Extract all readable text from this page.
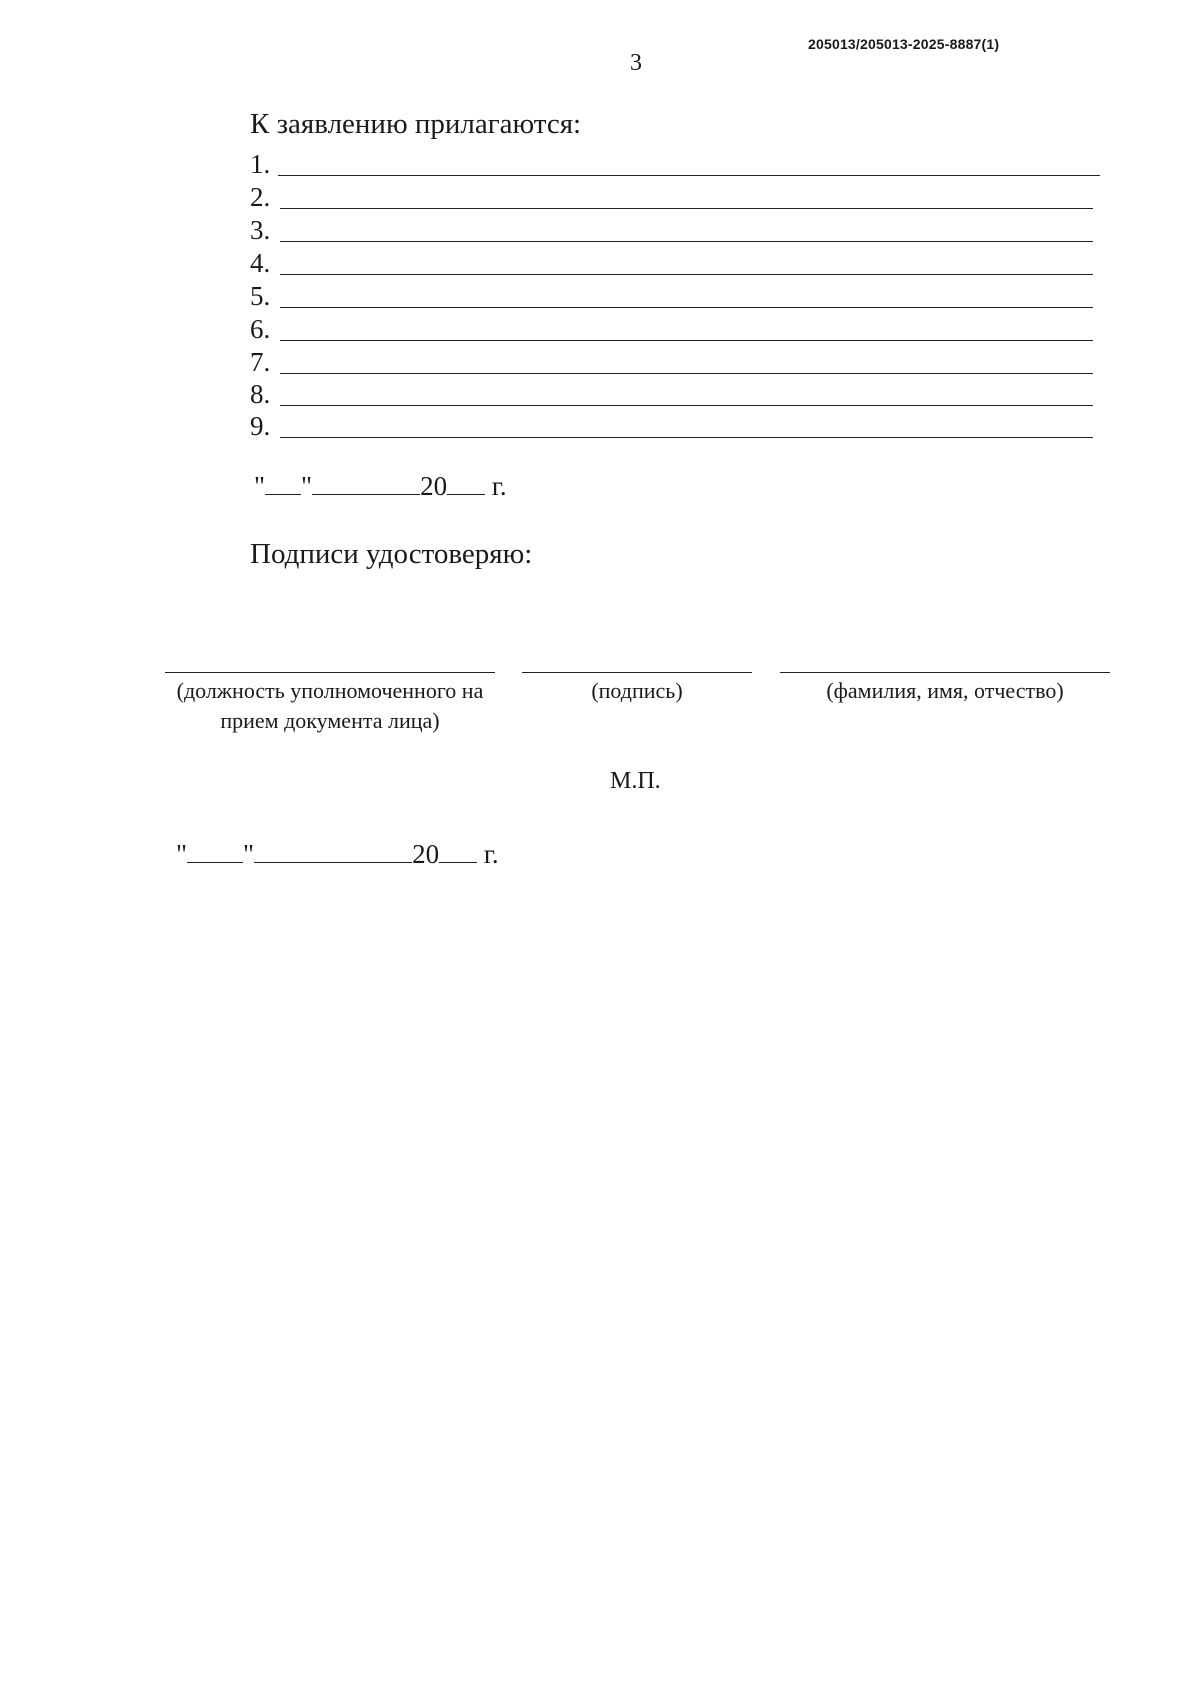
205013/205013-2025-8887(1)
3
К заявлению прилагаются:
1.
2.
3.
4.
5.
6.
7.
8.
9.
" "	20 г.
Подписи удостоверяю:
(должность уполномоченного на прием документа лица)
(подпись)	(фамилия, имя, отчество)
М.П.
" "	20 г.
